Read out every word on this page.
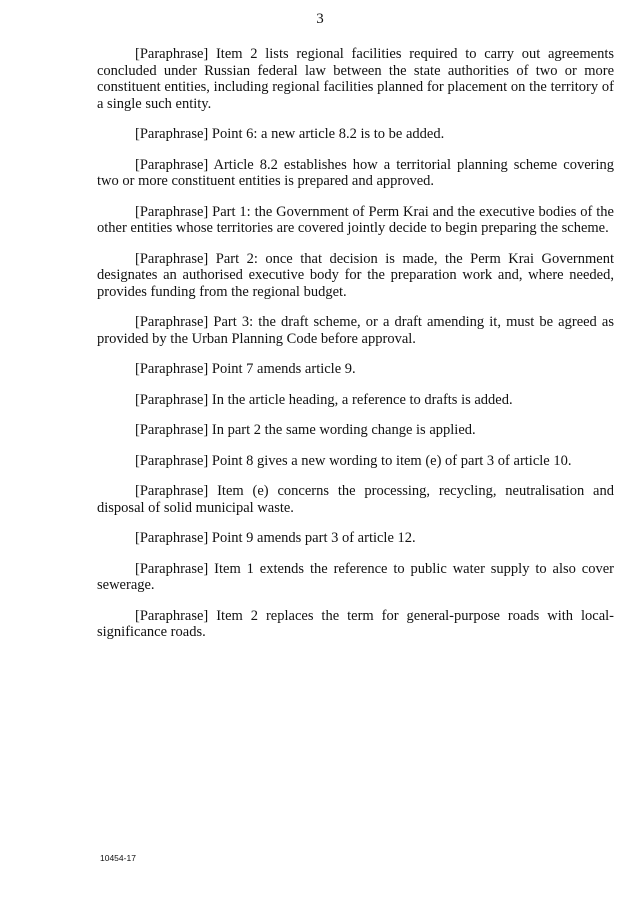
3

[Paraphrase] Item 2 lists regional facilities required to carry out agreements concluded under Russian federal law between the state authorities of two or more constituent entities, including regional facilities planned for placement on the territory of a single such entity.

[Paraphrase] Point 6: a new article 8.2 is to be added.

[Paraphrase] Article 8.2 establishes how a territorial planning scheme covering two or more constituent entities is prepared and approved.

[Paraphrase] Part 1: the Government of Perm Krai and the executive bodies of the other entities whose territories are covered jointly decide to begin preparing the scheme.

[Paraphrase] Part 2: once that decision is made, the Perm Krai Government designates an authorised executive body for the preparation work and, where needed, provides funding from the regional budget.

[Paraphrase] Part 3: the draft scheme, or a draft amending it, must be agreed as provided by the Urban Planning Code before approval.

[Paraphrase] Point 7 amends article 9.

[Paraphrase] In the article heading, a reference to drafts is added.

[Paraphrase] In part 2 the same wording change is applied.

[Paraphrase] Point 8 gives a new wording to item (e) of part 3 of article 10.

[Paraphrase] Item (e) concerns the processing, recycling, neutralisation and disposal of solid municipal waste.

[Paraphrase] Point 9 amends part 3 of article 12.

[Paraphrase] Item 1 extends the reference to public water supply to also cover sewerage.

[Paraphrase] Item 2 replaces the term for general-purpose roads with local-significance roads.

10454-17
